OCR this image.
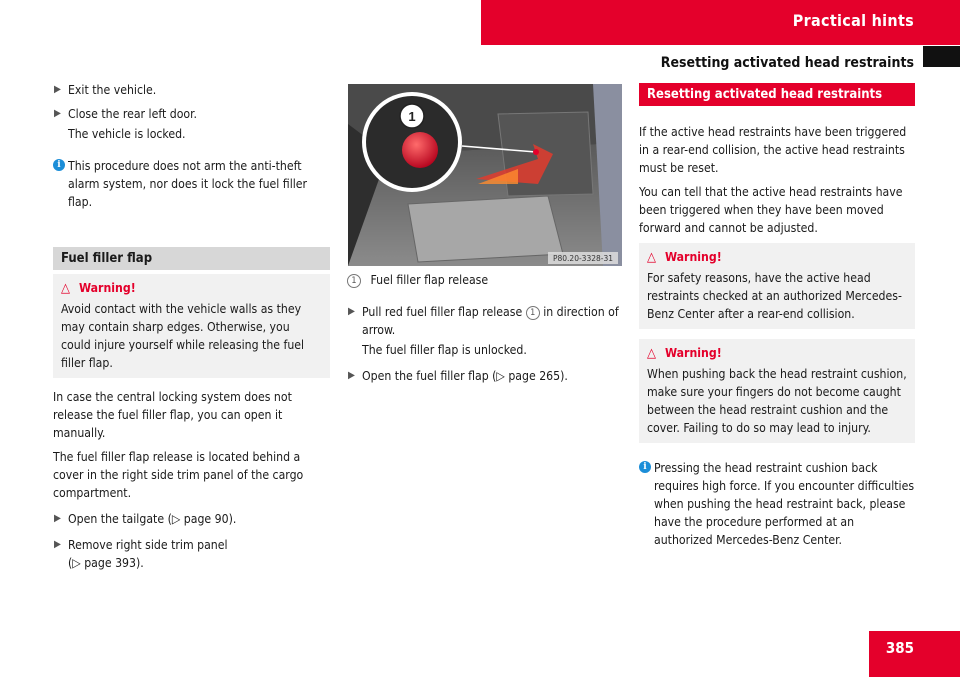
Practical hints
Resetting activated head restraints
▶ Exit the vehicle.
▶ Close the rear left door.
The vehicle is locked.
i This procedure does not arm the anti-theft alarm system, nor does it lock the fuel filler flap.
Fuel filler flap
△ Warning!
Avoid contact with the vehicle walls as they may contain sharp edges. Otherwise, you could injure yourself while releasing the fuel filler flap.
In case the central locking system does not release the fuel filler flap, you can open it manually.
The fuel filler flap release is located behind a cover in the right side trim panel of the cargo compartment.
▶ Open the tailgate (▷ page 90).
▶ Remove right side trim panel
(▷ page 393).
1
P80.20-3328-31
1 Fuel filler flap release
▶ Pull red fuel filler flap release 1 in direction of arrow.
The fuel filler flap is unlocked.
▶ Open the fuel filler flap (▷ page 265).
Resetting activated head restraints
If the active head restraints have been triggered in a rear-end collision, the active head restraints must be reset.
You can tell that the active head restraints have been triggered when they have been moved forward and cannot be adjusted.
△ Warning!
For safety reasons, have the active head restraints checked at an authorized Mercedes-Benz Center after a rear-end collision.
△ Warning!
When pushing back the head restraint cushion, make sure your fingers do not become caught between the head restraint cushion and the cover. Failing to do so may lead to injury.
i Pressing the head restraint cushion back requires high force. If you encounter difficulties when pushing the head restraint back, please have the procedure performed at an authorized Mercedes-Benz Center.
385
